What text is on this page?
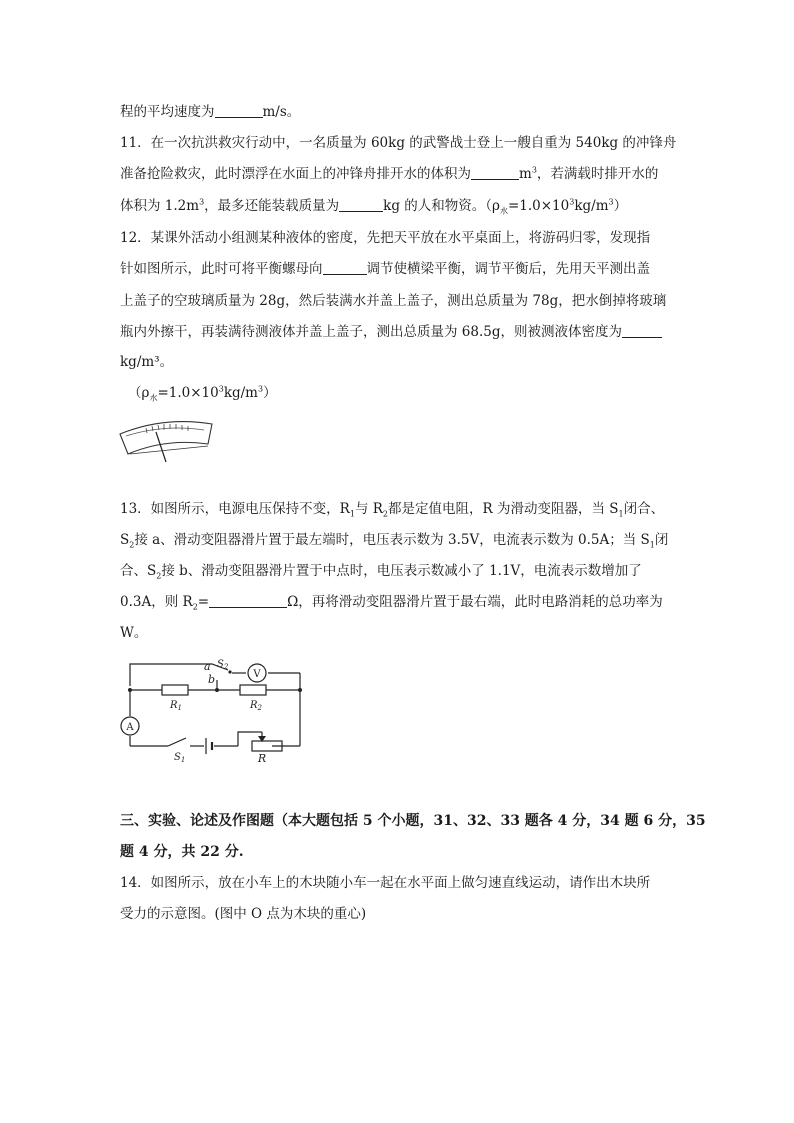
程的平均速度为	m/s。
11．在一次抗洪救灾行动中，一名质量为 60kg 的武警战士登上一艘自重为 540kg 的冲锋舟
准备抢险救灾，此时漂浮在水面上的冲锋舟排开水的体积为	$m^3$，若满载时排开水的
体积为 $1.2m^3$，最多还能装载质量为	kg 的人和物资。$(\rho_水=1.0\times 10^3kg/m^3)$
12．某课外活动小组测某种液体的密度，先把天平放在水平桌面上，将游码归零，发现指
针如图所示，此时可将平衡螺母向	调节使横梁平衡，调节平衡后，先用天平测出盖
上盖子的空玻璃质量为 28g，然后装满水并盖上盖子，测出总质量为 78g，把水倒掉将玻璃
瓶内外擦干，再装满待测液体并盖上盖子，测出总质量为 68.5g，则被测液体密度为
kg/m³。
$(\rho_水=1.0\times 10^3kg/m^3)$
13．如图所示，电源电压保持不变，$R_1$与 $R_2$都是定值电阻，R 为滑动变阻器，当 $S_1$闭合、
$S_2$接 a、滑动变阻器滑片置于最左端时，电压表示数为 3.5V，电流表示数为 0.5A；当 $S_1$闭
合、$S_2$接 b、滑动变阻器滑片置于中点时，电压表示数减小了 1.1V，电流表示数增加了
0.3A，则 $R_2=$	Ω，再将滑动变阻器滑片置于最右端，此时电路消耗的总功率为
W。
V
A
a
b
$S_2$
$R_1$	$R_2$
$S_1$	R
三、实验、论述及作图题（本大题包括 5 个小题，31、32、33 题各 4 分，34 题 6 分，35
题 4 分，共 22 分.
14．如图所示，放在小车上的木块随小车一起在水平面上做匀速直线运动，请作出木块所
受力的示意图。(图中 O 点为木块的重心)
